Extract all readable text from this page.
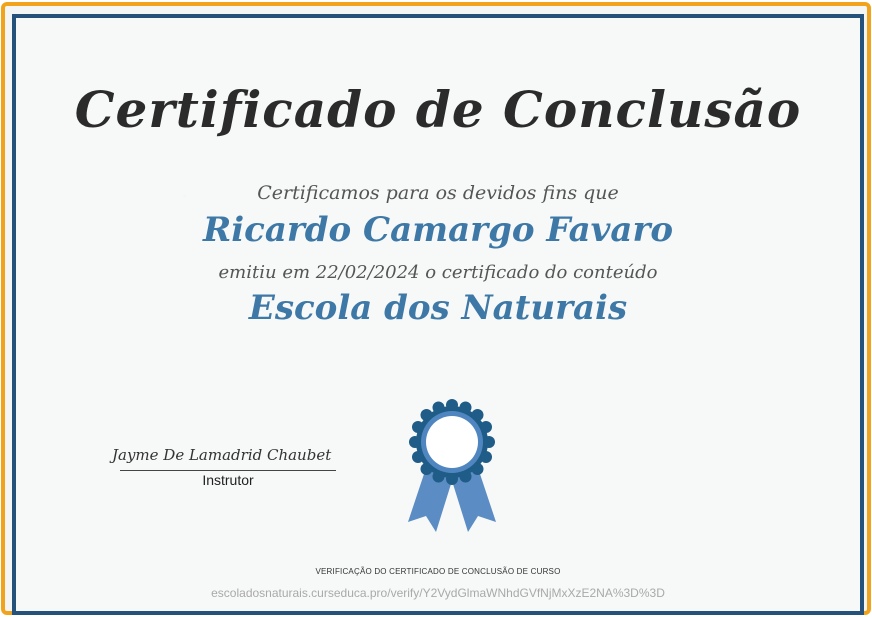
Certificado de Conclusão

Certificamos para os devidos fins que

Ricardo Camargo Favaro

emitiu em 22/02/2024 o certificado do conteúdo

Escola dos Naturais

Jayme De Lamadrid Chaubet
Instrutor
VERIFICAÇÃO DO CERTIFICADO DE CONCLUSÃO DE CURSO
escoladosnaturais.curseduca.pro/verify/Y2VydGlmaWNhdGVfNjMxXzE2NA%3D%3D
